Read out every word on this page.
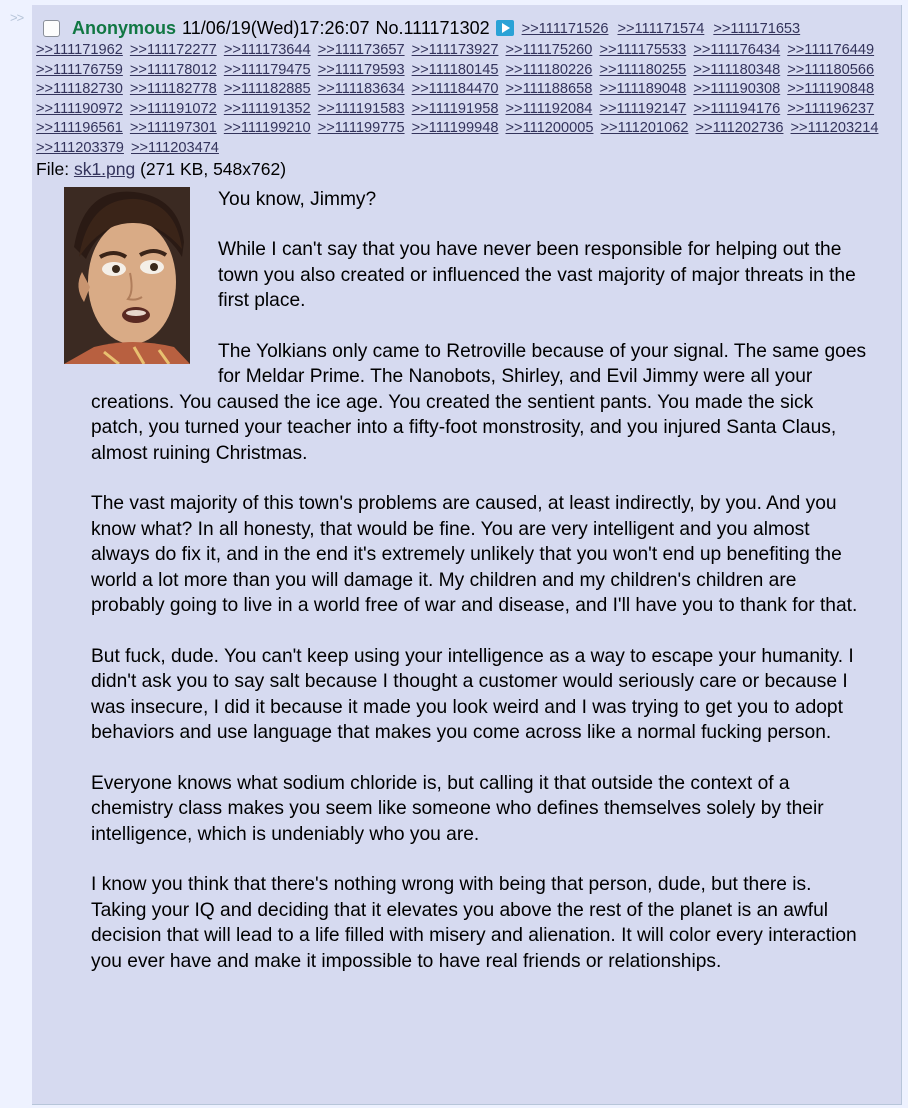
>>
Anonymous 11/06/19(Wed)17:26:07 No.111171302 >>111171526 >>111171574 >>111171653
>>111171962 >>111172277 >>111173644 >>111173657 >>111173927 >>111175260 >>111175533 >>111176434 >>111176449
>>111176759 >>111178012 >>111179475 >>111179593 >>111180145 >>111180226 >>111180255 >>111180348 >>111180566
>>111182730 >>111182778 >>111182885 >>111183634 >>111184470 >>111188658 >>111189048 >>111190308 >>111190848
>>111190972 >>111191072 >>111191352 >>111191583 >>111191958 >>111192084 >>111192147 >>111194176 >>111196237
>>111196561 >>111197301 >>111199210 >>111199775 >>111199948 >>111200005 >>111201062 >>111202736 >>111203214
>>111203379 >>111203474
File: sk1.png (271 KB, 548x762)

You know, Jimmy?

While I can't say that you have never been responsible for helping out the town you also created or influenced the vast majority of major threats in the first place.

The Yolkians only came to Retroville because of your signal. The same goes for Meldar Prime. The Nanobots, Shirley, and Evil Jimmy were all your creations. You caused the ice age. You created the sentient pants. You made the sick patch, you turned your teacher into a fifty-foot monstrosity, and you injured Santa Claus, almost ruining Christmas.

The vast majority of this town's problems are caused, at least indirectly, by you. And you know what? In all honesty, that would be fine. You are very intelligent and you almost always do fix it, and in the end it's extremely unlikely that you won't end up benefiting the world a lot more than you will damage it. My children and my children's children are probably going to live in a world free of war and disease, and I'll have you to thank for that.

But fuck, dude. You can't keep using your intelligence as a way to escape your humanity. I didn't ask you to say salt because I thought a customer would seriously care or because I was insecure, I did it because it made you look weird and I was trying to get you to adopt behaviors and use language that makes you come across like a normal fucking person.

Everyone knows what sodium chloride is, but calling it that outside the context of a chemistry class makes you seem like someone who defines themselves solely by their intelligence, which is undeniably who you are.

I know you think that there's nothing wrong with being that person, dude, but there is. Taking your IQ and deciding that it elevates you above the rest of the planet is an awful decision that will lead to a life filled with misery and alienation. It will color every interaction you ever have and make it impossible to have real friends or relationships.
